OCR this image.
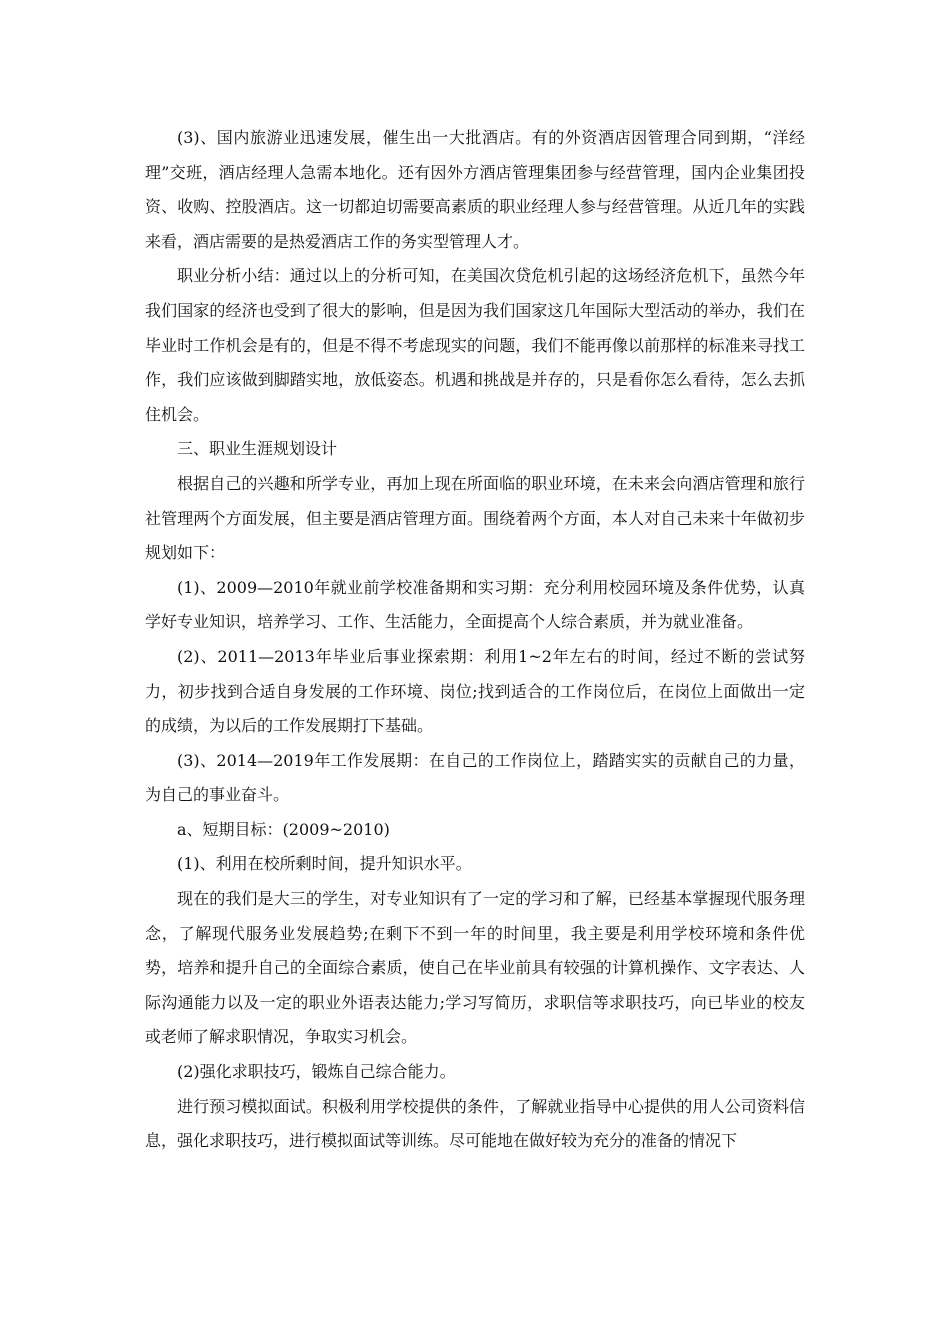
(3)、国内旅游业迅速发展，催生出一大批酒店。有的外资酒店因管理合同到期，“洋经理”交班，酒店经理人急需本地化。还有因外方酒店管理集团参与经营管理，国内企业集团投资、收购、控股酒店。这一切都迫切需要高素质的职业经理人参与经营管理。从近几年的实践来看，酒店需要的是热爱酒店工作的务实型管理人才。

职业分析小结：通过以上的分析可知，在美国次贷危机引起的这场经济危机下，虽然今年我们国家的经济也受到了很大的影响，但是因为我们国家这几年国际大型活动的举办，我们在毕业时工作机会是有的，但是不得不考虑现实的问题，我们不能再像以前那样的标准来寻找工作，我们应该做到脚踏实地，放低姿态。机遇和挑战是并存的，只是看你怎么看待，怎么去抓住机会。

三、职业生涯规划设计

根据自己的兴趣和所学专业，再加上现在所面临的职业环境，在未来会向酒店管理和旅行社管理两个方面发展，但主要是酒店管理方面。围绕着两个方面，本人对自己未来十年做初步规划如下：

(1)、2009—2010年就业前学校准备期和实习期：充分利用校园环境及条件优势，认真学好专业知识，培养学习、工作、生活能力，全面提高个人综合素质，并为就业准备。

(2)、2011—2013年毕业后事业探索期：利用1~2年左右的时间，经过不断的尝试努力，初步找到合适自身发展的工作环境、岗位;找到适合的工作岗位后，在岗位上面做出一定的成绩，为以后的工作发展期打下基础。

(3)、2014—2019年工作发展期：在自己的工作岗位上，踏踏实实的贡献自己的力量，为自己的事业奋斗。

a、短期目标：(2009~2010)

(1)、利用在校所剩时间，提升知识水平。

现在的我们是大三的学生，对专业知识有了一定的学习和了解，已经基本掌握现代服务理念，了解现代服务业发展趋势;在剩下不到一年的时间里，我主要是利用学校环境和条件优势，培养和提升自己的全面综合素质，使自己在毕业前具有较强的计算机操作、文字表达、人际沟通能力以及一定的职业外语表达能力;学习写简历，求职信等求职技巧，向已毕业的校友或老师了解求职情况，争取实习机会。

(2)强化求职技巧，锻炼自己综合能力。

进行预习模拟面试。积极利用学校提供的条件，了解就业指导中心提供的用人公司资料信息，强化求职技巧，进行模拟面试等训练。尽可能地在做好较为充分的准备的情况下
